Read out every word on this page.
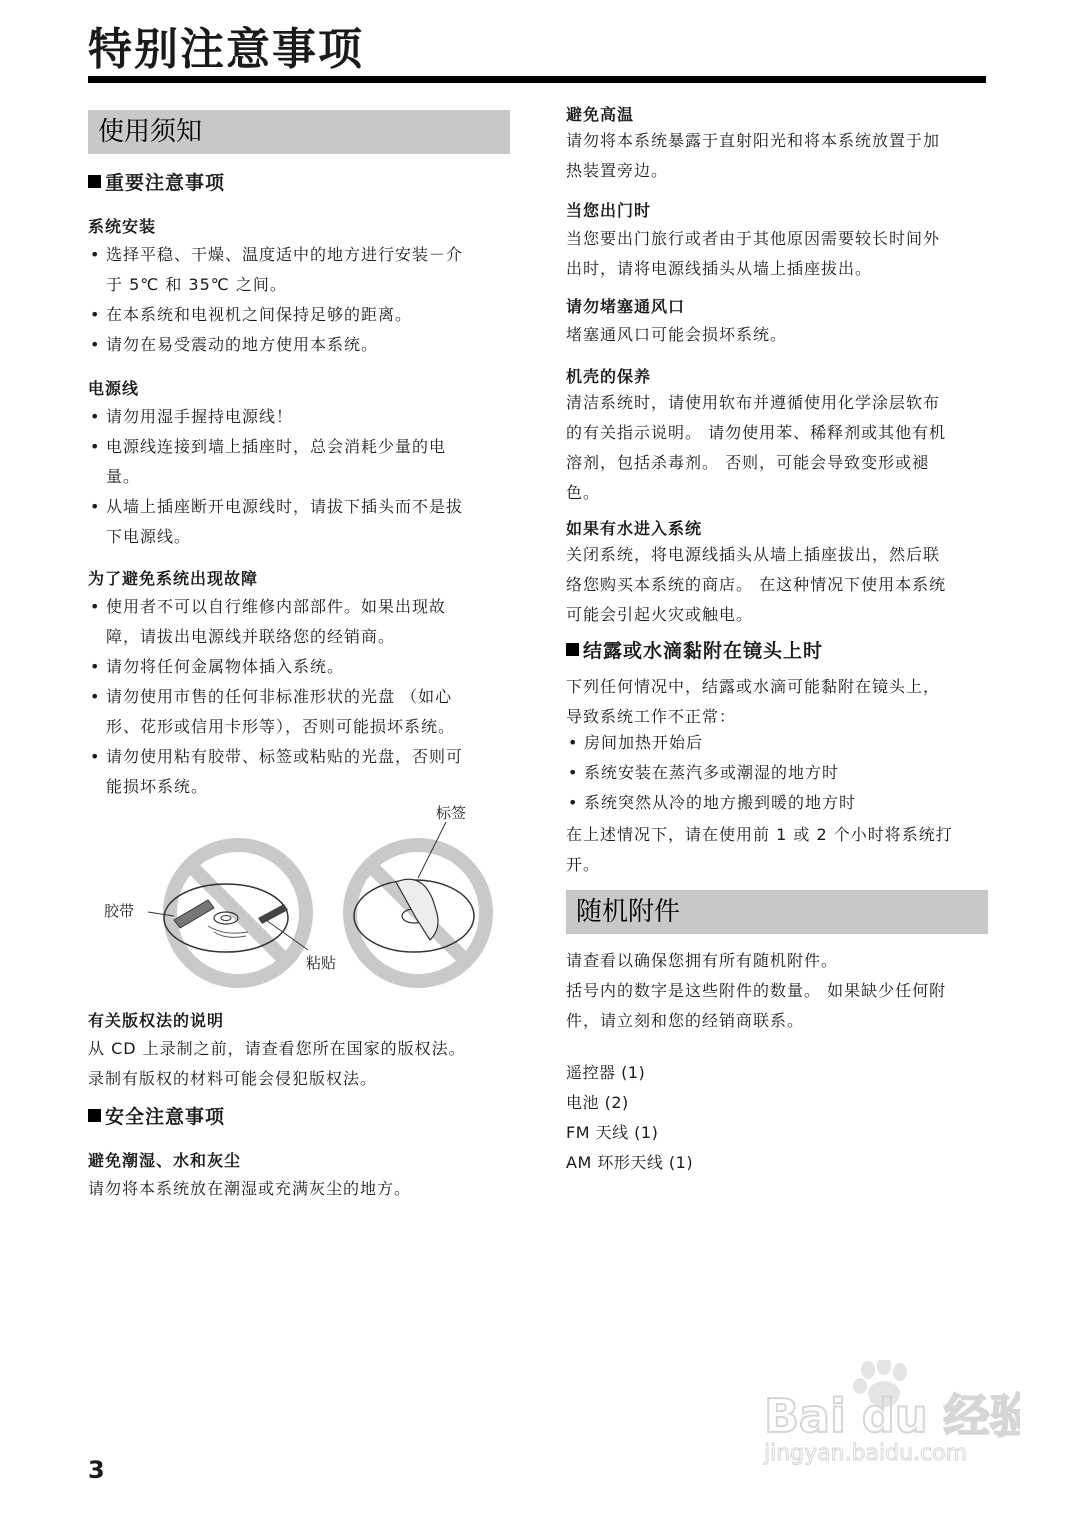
特别注意事项
使用须知
重要注意事项
系统安装
• 选择平稳、干燥、温度适中的地方进行安装－介
于 5℃ 和 35℃ 之间。
• 在本系统和电视机之间保持足够的距离。
• 请勿在易受震动的地方使用本系统。
电源线
• 请勿用湿手握持电源线！
• 电源线连接到墙上插座时，总会消耗少量的电
量。
• 从墙上插座断开电源线时，请拔下插头而不是拔
下电源线。
为了避免系统出现故障
• 使用者不可以自行维修内部部件。如果出现故
障，请拔出电源线并联络您的经销商。
• 请勿将任何金属物体插入系统。
• 请勿使用市售的任何非标准形状的光盘 （如心
形、花形或信用卡形等），否则可能损坏系统。
• 请勿使用粘有胶带、标签或粘贴的光盘，否则可
能损坏系统。
有关版权法的说明
从 CD 上录制之前，请查看您所在国家的版权法。
录制有版权的材料可能会侵犯版权法。
安全注意事项
避免潮湿、水和灰尘
请勿将本系统放在潮湿或充满灰尘的地方。
胶带
粘贴
标签
避免高温
请勿将本系统暴露于直射阳光和将本系统放置于加
热装置旁边。
当您出门时
当您要出门旅行或者由于其他原因需要较长时间外
出时，请将电源线插头从墙上插座拔出。
请勿堵塞通风口
堵塞通风口可能会损坏系统。
机壳的保养
清洁系统时，请使用软布并遵循使用化学涂层软布
的有关指示说明。 请勿使用苯、稀释剂或其他有机
溶剂，包括杀毒剂。 否则，可能会导致变形或褪
色。
如果有水进入系统
关闭系统，将电源线插头从墙上插座拔出，然后联
络您购买本系统的商店。 在这种情况下使用本系统
可能会引起火灾或触电。
结露或水滴黏附在镜头上时
下列任何情况中，结露或水滴可能黏附在镜头上，
导致系统工作不正常：
• 房间加热开始后
• 系统安装在蒸汽多或潮湿的地方时
• 系统突然从冷的地方搬到暖的地方时
在上述情况下，请在使用前 1 或 2 个小时将系统打
开。
随机附件
请查看以确保您拥有所有随机附件。
括号内的数字是这些附件的数量。 如果缺少任何附
件，请立刻和您的经销商联系。
遥控器 (1)
电池 (2)
FM 天线 (1)
AM 环形天线 (1)
3
Bai du 经验
jingyan.baidu.com
